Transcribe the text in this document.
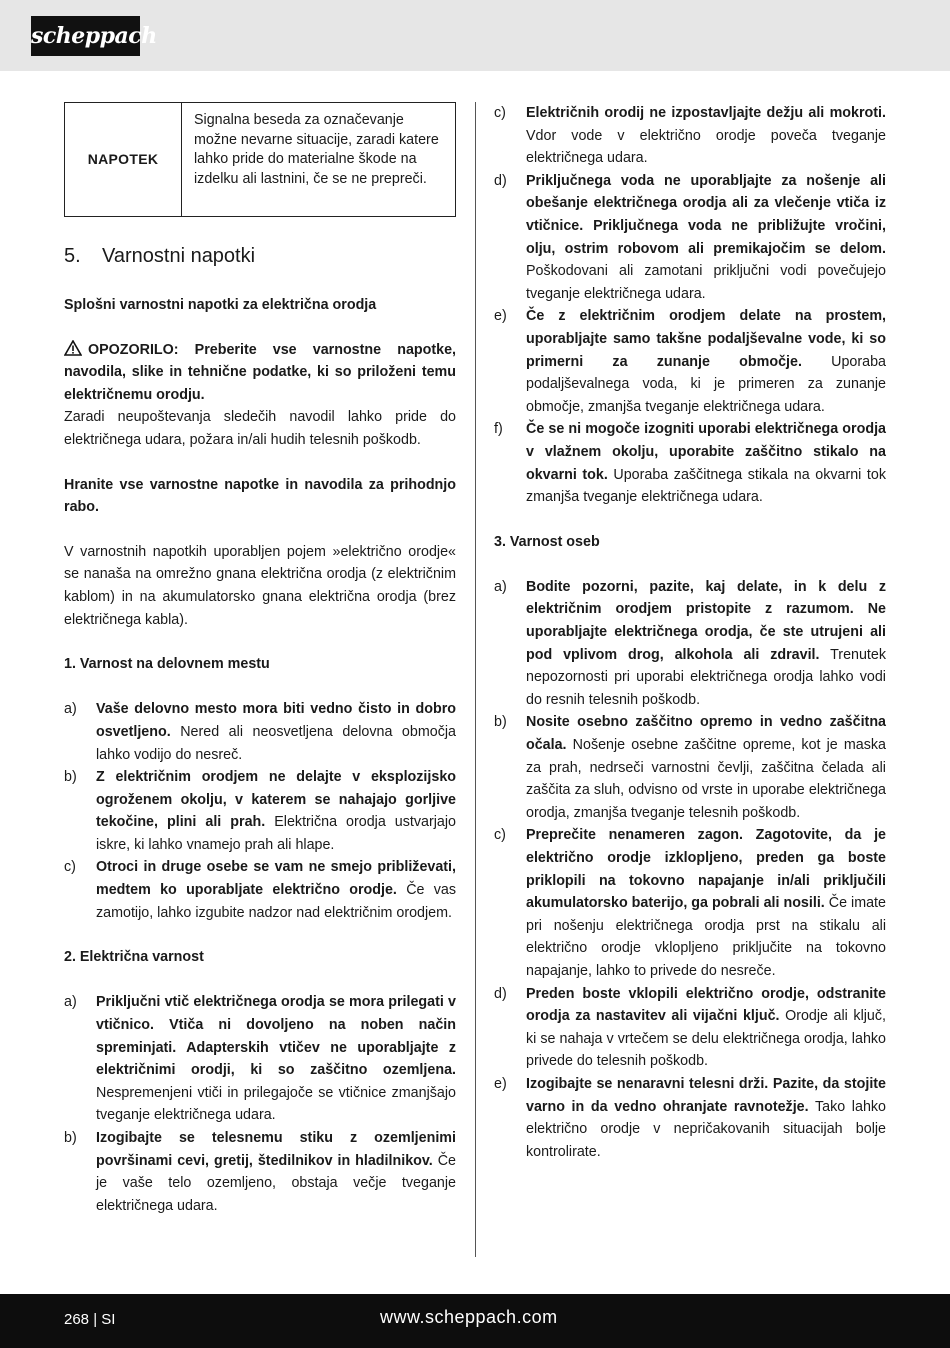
scheppach
NAPOTEK
Signalna beseda za označevanje možne nevarne situacije, zaradi katere lahko pride do materialne škode na izdelku ali lastnini, če se ne prepreči.
5.	Varnostni napotki
Splošni varnostni napotki za električna orodja
OPOZORILO: Preberite vse varnostne napotke, navodila, slike in tehnične podatke, ki so priloženi temu električnemu orodju.
Zaradi neupoštevanja sledečih navodil lahko pride do električnega udara, požara in/ali hudih telesnih poškodb.
Hranite vse varnostne napotke in navodila za prihodnjo rabo.
V varnostnih napotkih uporabljen pojem »električno orodje« se nanaša na omrežno gnana električna orodja (z električnim kablom) in na akumulatorsko gnana električna orodja (brez električnega kabla).
1. Varnost na delovnem mestu
a)	Vaše delovno mesto mora biti vedno čisto in dobro osvetljeno. Nered ali neosvetljena delovna območja lahko vodijo do nesreč.
b)	Z električnim orodjem ne delajte v eksplozijsko ogroženem okolju, v katerem se nahajajo gorljive tekočine, plini ali prah. Električna orodja ustvarjajo iskre, ki lahko vnamejo prah ali hlape.
c)	Otroci in druge osebe se vam ne smejo približevati, medtem ko uporabljate električno orodje. Če vas zamotijo, lahko izgubite nadzor nad električnim orodjem.
2. Električna varnost
a)	Priključni vtič električnega orodja se mora prilegati v vtičnico. Vtiča ni dovoljeno na noben način spreminjati. Adapterskih vtičev ne uporabljajte z električnimi orodji, ki so zaščitno ozemljena. Nespremenjeni vtiči in prilegajoče se vtičnice zmanjšajo tveganje električnega udara.
b)	Izogibajte se telesnemu stiku z ozemljenimi površinami cevi, gretij, štedilnikov in hladilnikov. Če je vaše telo ozemljeno, obstaja večje tveganje električnega udara.
c)	Električnih orodij ne izpostavljajte dežju ali mokroti. Vdor vode v električno orodje poveča tveganje električnega udara.
d)	Priključnega voda ne uporabljajte za nošenje ali obešanje električnega orodja ali za vlečenje vtiča iz vtičnice. Priključnega voda ne približujte vročini, olju, ostrim robovom ali premikajočim se delom. Poškodovani ali zamotani priključni vodi povečujejo tveganje električnega udara.
e)	Če z električnim orodjem delate na prostem, uporabljajte samo takšne podaljševalne vode, ki so primerni za zunanje območje. Uporaba podaljševalnega voda, ki je primeren za zunanje območje, zmanjša tveganje električnega udara.
f)	Če se ni mogoče izogniti uporabi električnega orodja v vlažnem okolju, uporabite zaščitno stikalo na okvarni tok. Uporaba zaščitnega stikala na okvarni tok zmanjša tveganje električnega udara.
3. Varnost oseb
a)	Bodite pozorni, pazite, kaj delate, in k delu z električnim orodjem pristopite z razumom. Ne uporabljajte električnega orodja, če ste utrujeni ali pod vplivom drog, alkohola ali zdravil. Trenutek nepozornosti pri uporabi električnega orodja lahko vodi do resnih telesnih poškodb.
b)	Nosite osebno zaščitno opremo in vedno zaščitna očala. Nošenje osebne zaščitne opreme, kot je maska za prah, nedrseči varnostni čevlji, zaščitna čelada ali zaščita za sluh, odvisno od vrste in uporabe električnega orodja, zmanjša tveganje telesnih poškodb.
c)	Preprečite nenameren zagon. Zagotovite, da je električno orodje izklopljeno, preden ga boste priklopili na tokovno napajanje in/ali priključili akumulatorsko baterijo, ga pobrali ali nosili. Če imate pri nošenju električnega orodja prst na stikalu ali električno orodje vklopljeno priključite na tokovno napajanje, lahko to privede do nesreče.
d)	Preden boste vklopili električno orodje, odstranite orodja za nastavitev ali vijačni ključ. Orodje ali ključ, ki se nahaja v vrtečem se delu električnega orodja, lahko privede do telesnih poškodb.
e)	Izogibajte se nenaravni telesni drži. Pazite, da stojite varno in da vedno ohranjate ravnotežje. Tako lahko električno orodje v nepričakovanih situacijah bolje kontrolirate.
268 | SI	www.scheppach.com
